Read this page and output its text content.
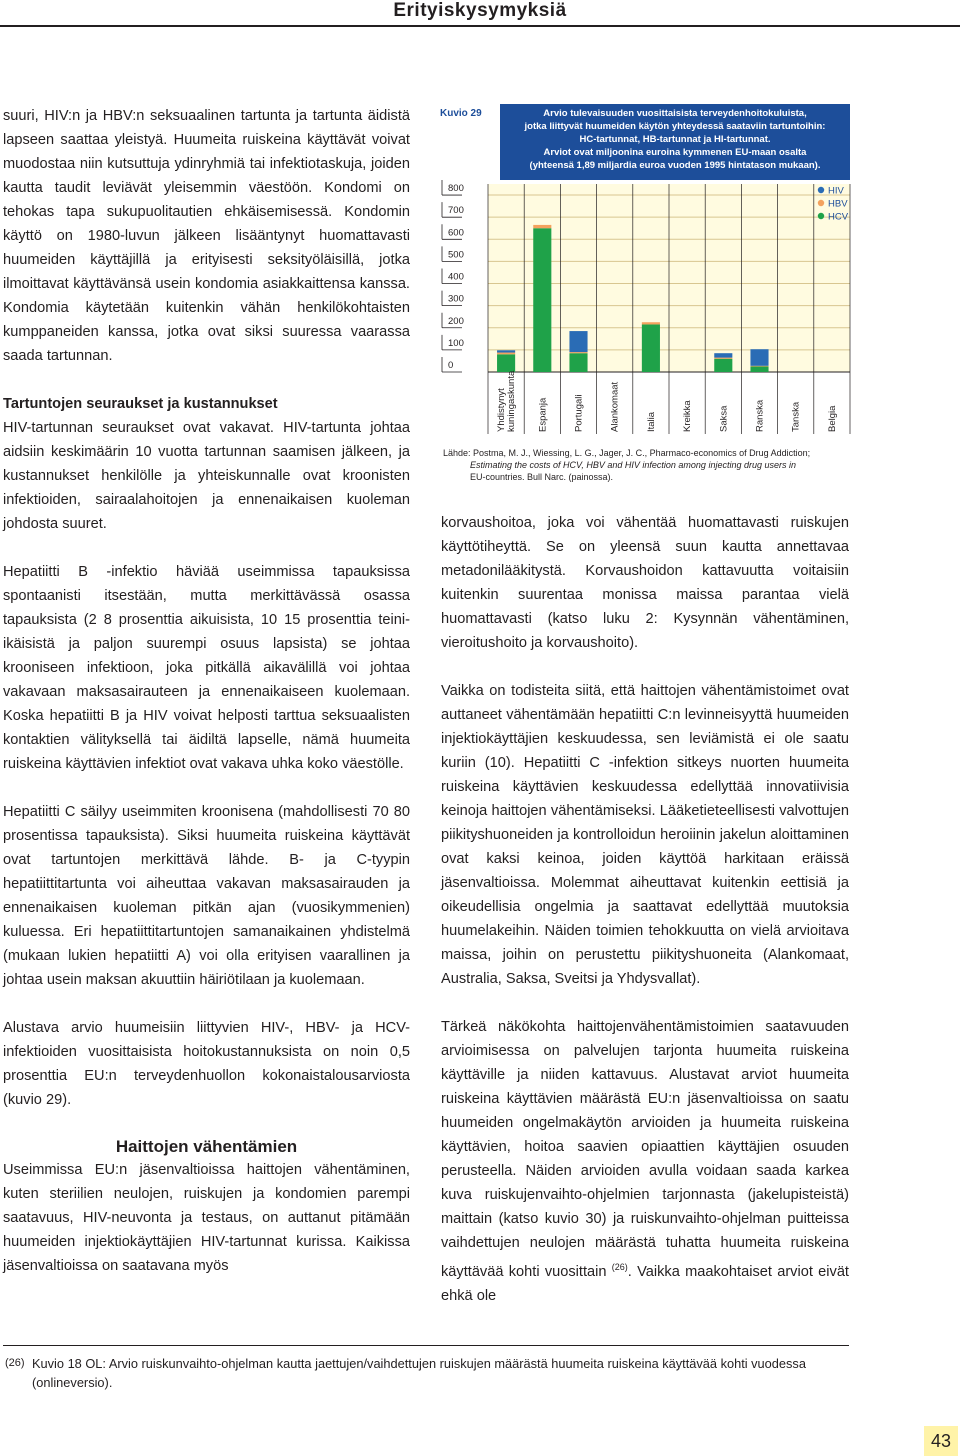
Erityiskysymyksiä

suuri, HIV:n ja HBV:n seksuaalinen tartunta ja tartunta äidistä lapseen saattaa yleistyä. Huumeita ruiskeina käyttävät voivat muodostaa niin kutsuttuja ydinryhmiä tai infektiotaskuja, joiden kautta taudit leviävät yleisemmin väestöön. Kondomi on tehokas tapa sukupuolitautien ehkäisemisessä. Kondomin käyttö on 1980-luvun jälkeen lisääntynyt huomattavasti huumeiden käyttäjillä ja erityisesti seksityöläisillä, jotka ilmoittavat käyttävänsä usein kondomia asiakkaittensa kanssa. Kondomia käytetään kuitenkin vähän henkilökohtaisten kumppaneiden kanssa, jotka ovat siksi suuressa vaarassa saada tartunnan.

Tartuntojen seuraukset ja kustannukset
HIV-tartunnan seuraukset ovat vakavat. HIV-tartunta johtaa aidsiin keskimäärin 10 vuotta tartunnan saamisen jälkeen, ja kustannukset henkilölle ja yhteiskunnalle ovat kroonisten infektioiden, sairaalahoitojen ja ennenaikaisen kuoleman johdosta suuret.

Hepatiitti B -infektio häviää useimmissa tapauksissa spontaanisti itsestään, mutta merkittävässä osassa tapauksista (2 8 prosenttia aikuisista, 10 15 prosenttia teini-ikäisistä ja paljon suurempi osuus lapsista) se johtaa krooniseen infektioon, joka pitkällä aikavälillä voi johtaa vakavaan maksasairauteen ja ennenaikaiseen kuolemaan. Koska hepatiitti B ja HIV voivat helposti tarttua seksuaalisten kontaktien välityksellä tai äidiltä lapselle, nämä huumeita ruiskeina käyttävien infektiot ovat vakava uhka koko väestölle.

Hepatiitti C säilyy useimmiten kroonisena (mahdollisesti 70 80 prosentissa tapauksista). Siksi huumeita ruiskeina käyttävät ovat tartuntojen merkittävä lähde. B- ja C-tyypin hepatiittitartunta voi aiheuttaa vakavan maksasairauden ja ennenaikaisen kuoleman pitkän ajan (vuosikymmenien) kuluessa. Eri hepatiittitartuntojen samanaikainen yhdistelmä (mukaan lukien hepatiitti A) voi olla erityisen vaarallinen ja johtaa usein maksan akuuttiin häiriötilaan ja kuolemaan.

Alustava arvio huumeisiin liittyvien HIV-, HBV- ja HCV-infektioiden vuosittaisista hoitokustannuksista on noin 0,5 prosenttia EU:n terveydenhuollon kokonaistalousarviosta (kuvio 29).

Haittojen vähentämien

Useimmissa EU:n jäsenvaltioissa haittojen vähentäminen, kuten steriilien neulojen, ruiskujen ja kondomien parempi saatavuus, HIV-neuvonta ja testaus, on auttanut pitämään huumeiden injektiokäyttäjien HIV-tartunnat kurissa. Kaikissa jäsenvaltioissa on saatavana myös

0
100
200
300
400
500
600
700
800
Yhdistynyt kuningaskunta Espanja	Portugali	Alankomaat	Italia	Kreikka	Saksa	Ranska	Tanska	Belgia
HIV
HBV
HCV
Kuvio 29	Arvio tulevaisuuden vuosittaisista terveydenhoitokuluista,
jotka liittyvät huumeiden käytön yhteydessä saataviin tartuntoihin:
HC-tartunnat, HB-tartunnat ja HI-tartunnat.
Arviot ovat miljoonina euroina kymmenen EU-maan osalta
(yhteensä 1,89 miljardia euroa vuoden 1995 hintatason mukaan).
Lähde: Postma, M. J., Wiessing, L. G., Jager, J. C., Pharmaco-economics of Drug Addiction;
Estimating the costs of HCV, HBV and HIV infection among injecting drug users in
EU-countries. Bull Narc. (painossa).

korvaushoitoa, joka voi vähentää huomattavasti ruiskujen käyttötiheyttä. Se on yleensä suun kautta annettavaa metadonilääkitystä. Korvaushoidon kattavuutta voitaisiin kuitenkin suurentaa monissa maissa parantaa vielä huomattavasti (katso luku 2: Kysynnän vähentäminen, vieroitushoito ja korvaushoito).

Vaikka on todisteita siitä, että haittojen vähentämistoimet ovat auttaneet vähentämään hepatiitti C:n levinneisyyttä huumeiden injektiokäyttäjien keskuudessa, sen leviämistä ei ole saatu kuriin (10). Hepatiitti C -infektion sitkeys nuorten huumeita ruiskeina käyttävien keskuudessa edellyttää innovatiivisia keinoja haittojen vähentämiseksi. Lääketieteellisesti valvottujen piikityshuoneiden ja kontrolloidun heroiinin jakelun aloittaminen ovat kaksi keinoa, joiden käyttöä harkitaan eräissä jäsenvaltioissa. Molemmat aiheuttavat kuitenkin eettisiä ja oikeudellisia ongelmia ja saattavat edellyttää muutoksia huumelakeihin. Näiden toimien tehokkuutta on vielä arvioitava maissa, joihin on perustettu piikityshuoneita (Alankomaat, Australia, Saksa, Sveitsi ja Yhdysvallat).

Tärkeä näkökohta haittojenvähentämistoimien saatavuuden arvioimisessa on palvelujen tarjonta huumeita ruiskeina käyttäville ja niiden kattavuus. Alustavat arviot huumeita ruiskeina käyttävien määrästä EU:n jäsenvaltioissa on saatu huumeiden ongelmakäytön arvioiden ja huumeita ruiskeina käyttävien, hoitoa saavien opiaattien käyttäjien osuuden perusteella. Näiden arvioiden avulla voidaan saada karkea kuva ruiskujenvaihto-ohjelmien tarjonnasta (jakelupisteistä) maittain (katso kuvio 30) ja ruiskunvaihto-ohjelman puitteissa vaihdettujen neulojen määrästä tuhatta huumeita ruiskeina käyttävää kohti vuosittain $^{(26)}$. Vaikka maakohtaiset arviot eivät ehkä ole

(26) Kuvio 18 OL: Arvio ruiskunvaihto-ohjelman kautta jaettujen/vaihdettujen ruiskujen määrästä huumeita ruiskeina käyttävää kohti vuodessa (onlineversio).
43
